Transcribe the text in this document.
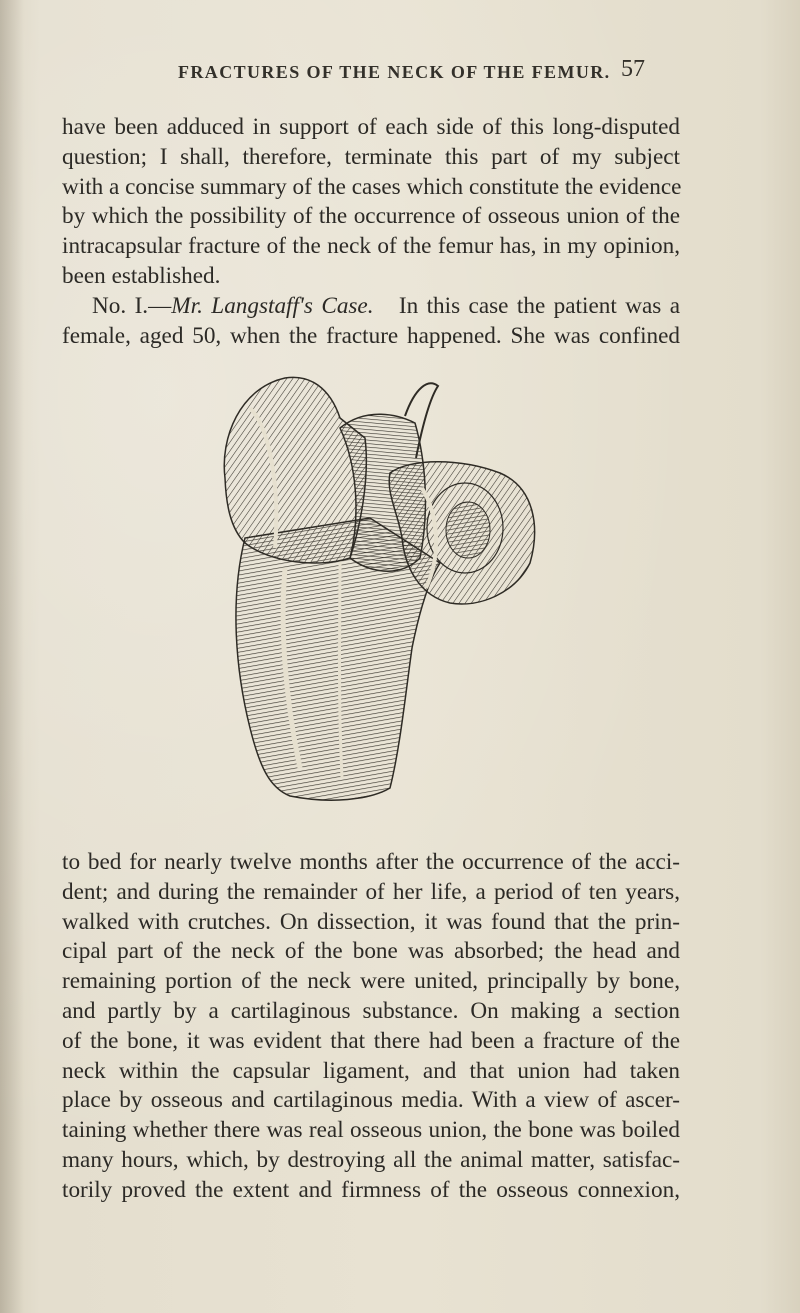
FRACTURES OF THE NECK OF THE FEMUR. 57
have been adduced in support of each side of this long-disputed
question; I shall, therefore, terminate this part of my subject
with a concise summary of the cases which constitute the evidence
by which the possibility of the occurrence of osseous union of the
intracapsular fracture of the neck of the femur has, in my opinion,
been established.
No. I.—Mr. Langstaff's Case. In this case the patient was a
female, aged 50, when the fracture happened. She was confined
to bed for nearly twelve months after the occurrence of the acci-
dent; and during the remainder of her life, a period of ten years,
walked with crutches. On dissection, it was found that the prin-
cipal part of the neck of the bone was absorbed; the head and
remaining portion of the neck were united, principally by bone,
and partly by a cartilaginous substance. On making a section
of the bone, it was evident that there had been a fracture of the
neck within the capsular ligament, and that union had taken
place by osseous and cartilaginous media. With a view of ascer-
taining whether there was real osseous union, the bone was boiled
many hours, which, by destroying all the animal matter, satisfac-
torily proved the extent and firmness of the osseous connexion,
